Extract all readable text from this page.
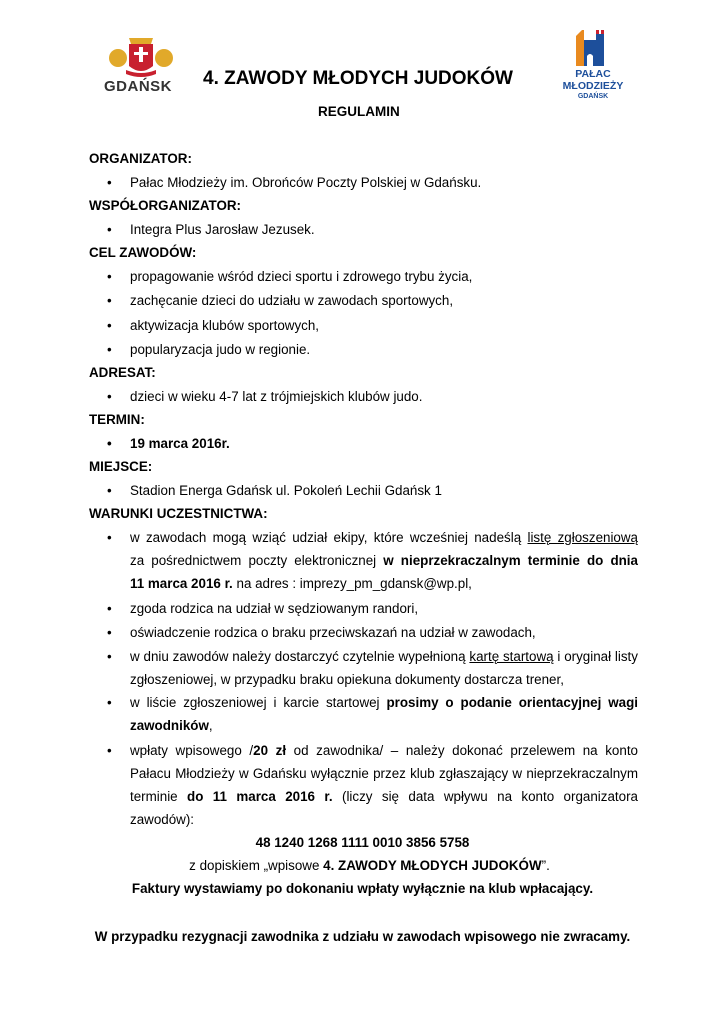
GDAŃSK 4. ZAWODY MŁODYCH JUDOKÓW
REGULAMIN
PAŁAC
MŁODZIEŻY
GDAŃSK
ORGANIZATOR:
• Pałac Młodzieży im. Obrońców Poczty Polskiej w Gdańsku.
WSPÓŁORGANIZATOR:
• Integra Plus Jarosław Jezusek.
CEL ZAWODÓW:
• propagowanie wśród dzieci sportu i zdrowego trybu życia,
• zachęcanie dzieci do udziału w zawodach sportowych,
• aktywizacja klubów sportowych,
• popularyzacja judo w regionie.
ADRESAT:
• dzieci w wieku 4-7 lat z trójmiejskich klubów judo.
TERMIN:
• 19 marca 2016r.
MIEJSCE:
• Stadion Energa Gdańsk ul. Pokoleń Lechii Gdańsk 1
WARUNKI UCZESTNICTWA:
• w zawodach mogą wziąć udział ekipy, które wcześniej nadeślą listę zgłoszeniową
za pośrednictwem poczty elektronicznej w nieprzekraczalnym terminie do dnia
11 marca 2016 r. na adres : imprezy_pm_gdansk@wp.pl,
• zgoda rodzica na udział w sędziowanym randori,
• oświadczenie rodzica o braku przeciwskazań na udział w zawodach,
• w dniu zawodów należy dostarczyć czytelnie wypełnioną kartę startową i oryginał listy
zgłoszeniowej, w przypadku braku opiekuna dokumenty dostarcza trener,
• w liście zgłoszeniowej i karcie startowej prosimy o podanie orientacyjnej wagi
zawodników,
• wpłaty wpisowego /20 zł od zawodnika/ – należy dokonać przelewem na konto
Pałacu Młodzieży w Gdańsku wyłącznie przez klub zgłaszający w nieprzekraczalnym
terminie do 11 marca 2016 r. (liczy się data wpływu na konto organizatora
zawodów):
48 1240 1268 1111 0010 3856 5758
z dopiskiem „wpisowe 4. ZAWODY MŁODYCH JUDOKÓW”.
Faktury wystawiamy po dokonaniu wpłaty wyłącznie na klub wpłacający.
W przypadku rezygnacji zawodnika z udziału w zawodach wpisowego nie zwracamy.
